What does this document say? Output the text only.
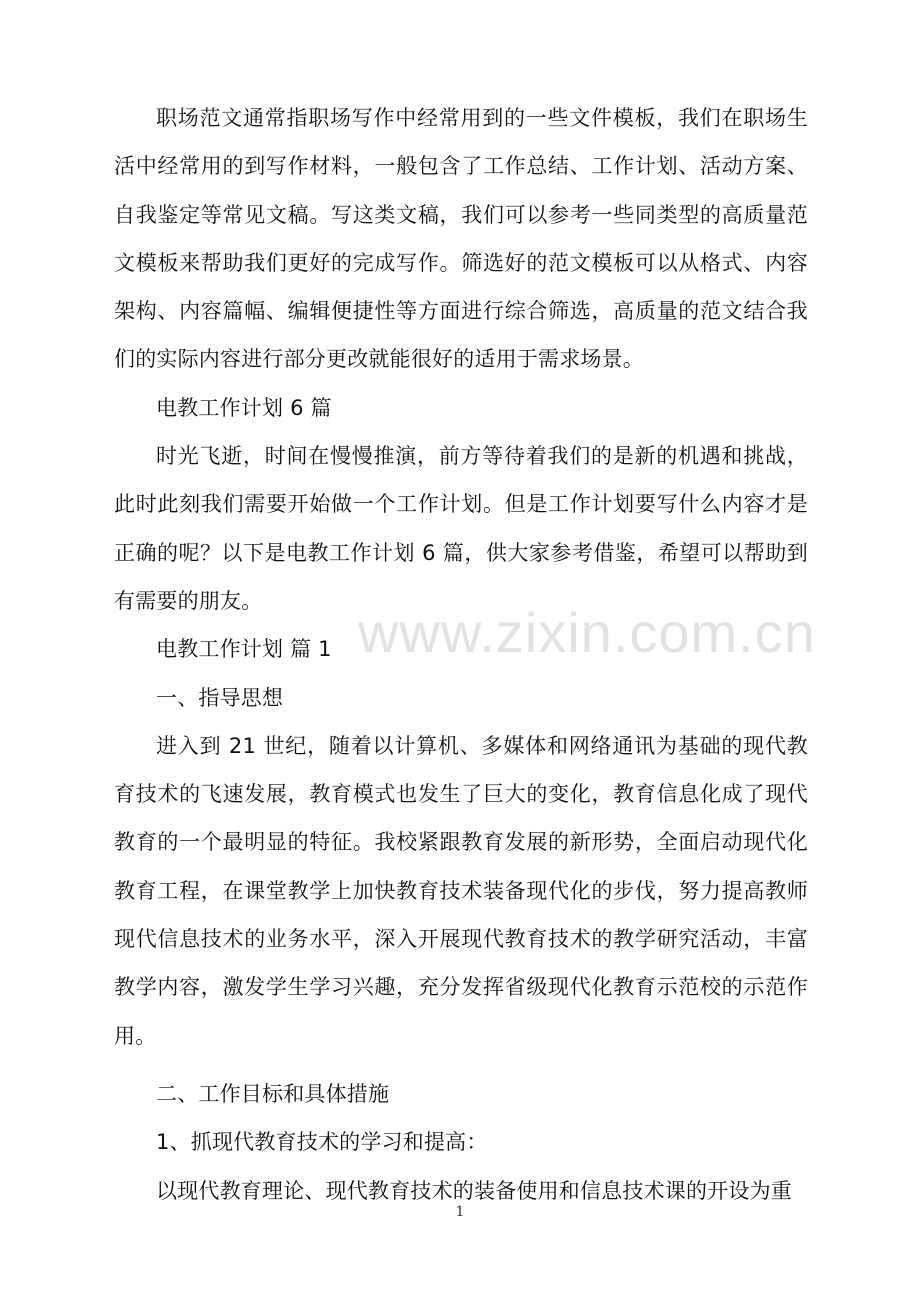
职场范文通常指职场写作中经常用到的一些文件模板，我们在职场生活中经常用的到写作材料，一般包含了工作总结、工作计划、活动方案、自我鉴定等常见文稿。写这类文稿，我们可以参考一些同类型的高质量范文模板来帮助我们更好的完成写作。筛选好的范文模板可以从格式、内容架构、内容篇幅、编辑便捷性等方面进行综合筛选，高质量的范文结合我们的实际内容进行部分更改就能很好的适用于需求场景。

电教工作计划 6 篇

时光飞逝，时间在慢慢推演，前方等待着我们的是新的机遇和挑战，此时此刻我们需要开始做一个工作计划。但是工作计划要写什么内容才是正确的呢？以下是电教工作计划 6 篇，供大家参考借鉴，希望可以帮助到有需要的朋友。

电教工作计划 篇 1

一、指导思想

进入到 21 世纪，随着以计算机、多媒体和网络通讯为基础的现代教育技术的飞速发展，教育模式也发生了巨大的变化，教育信息化成了现代教育的一个最明显的特征。我校紧跟教育发展的新形势，全面启动现代化教育工程，在课堂教学上加快教育技术装备现代化的步伐，努力提高教师现代信息技术的业务水平，深入开展现代教育技术的教学研究活动，丰富教学内容，激发学生学习兴趣，充分发挥省级现代化教育示范校的示范作用。

二、工作目标和具体措施

1、抓现代教育技术的学习和提高：

以现代教育理论、现代教育技术的装备使用和信息技术课的开设为重

www.zixin.com.cn
1
